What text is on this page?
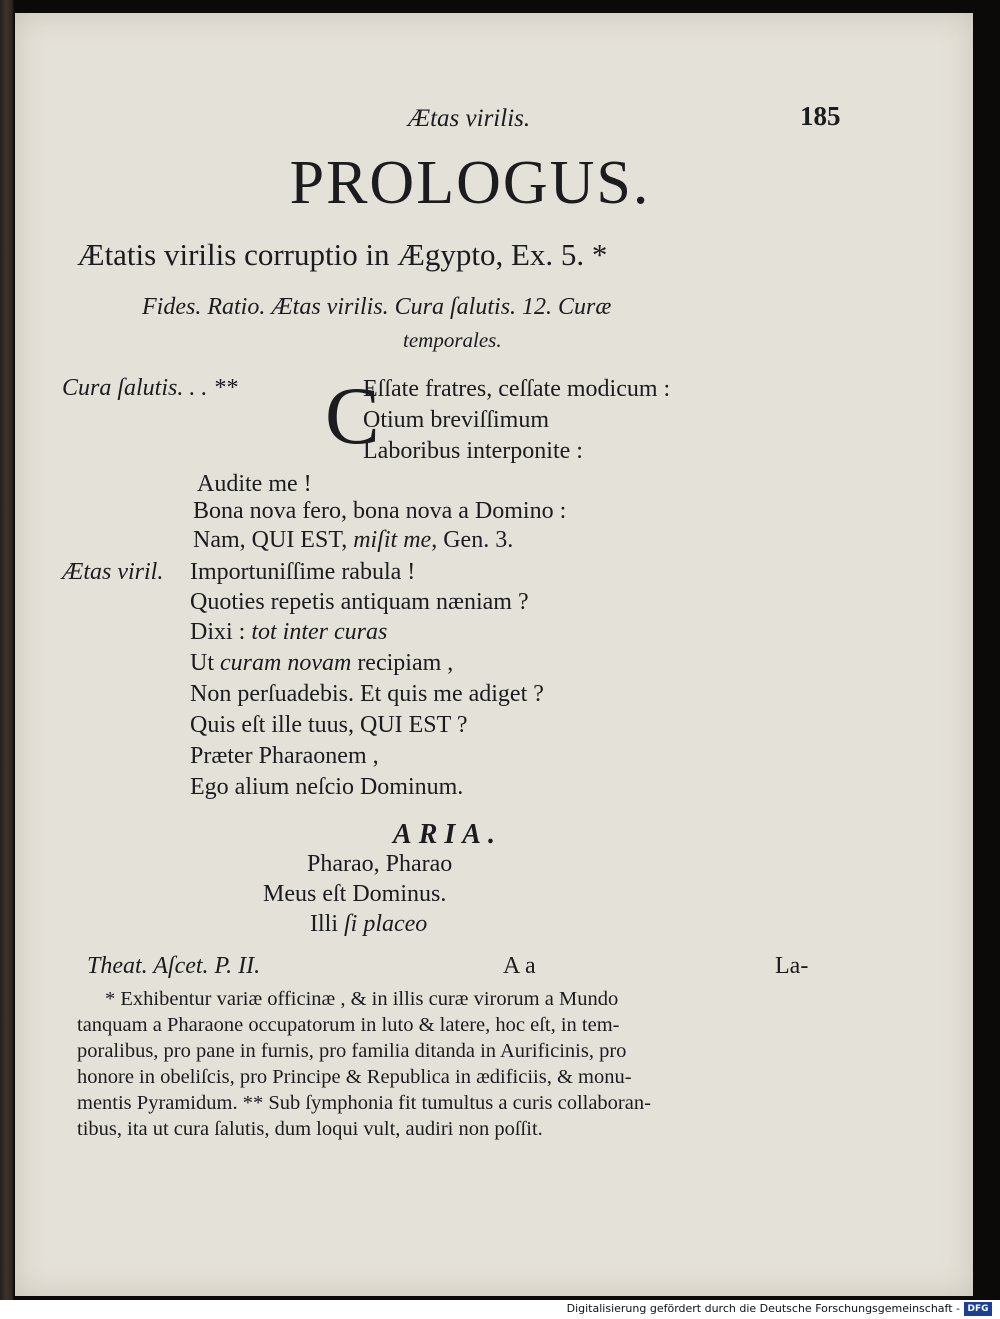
Ætas virilis.	185
PROLOGUS.
Ætatis virilis corruptio in Ægypto, Ex. 5. *
Fides. Ratio. Ætas virilis. Cura ſalutis. 12. Curæ
temporales.
Cura ſalutis. . . ** C
Eſſate fratres, ceſſate modicum :
Otium breviſſimum
Laboribus interponite :
Audite me !
Bona nova fero, bona nova a Domino :
Nam, QUI EST, miſit me, Gen. 3.
Ætas viril. Importuniſſime rabula !
Quoties repetis antiquam næniam ?
Dixi : tot inter curas
Ut curam novam recipiam ,
Non perſuadebis. Et quis me adiget ?
Quis eſt ille tuus, QUI EST ?
Præter Pharaonem ,
Ego alium neſcio Dominum.
ARIA.
Pharao, Pharao
Meus eſt Dominus.
Illi ſi placeo
Theat. Aſcet. P. II.	A a	La-

* Exhibentur variæ officinæ , & in illis curæ virorum a Mundo

tanquam a Pharaone occupatorum in luto & latere, hoc eſt, in tem-

poralibus, pro pane in furnis, pro familia ditanda in Aurificinis, pro

honore in obeliſcis, pro Principe & Republica in ædificiis, & monu-

mentis Pyramidum. ** Sub ſymphonia fit tumultus a curis collaboran-

tibus, ita ut cura ſalutis, dum loqui vult, audiri non poſſit.

Digitalisierung gefördert durch die Deutsche Forschungsgemeinschaft - DFG
